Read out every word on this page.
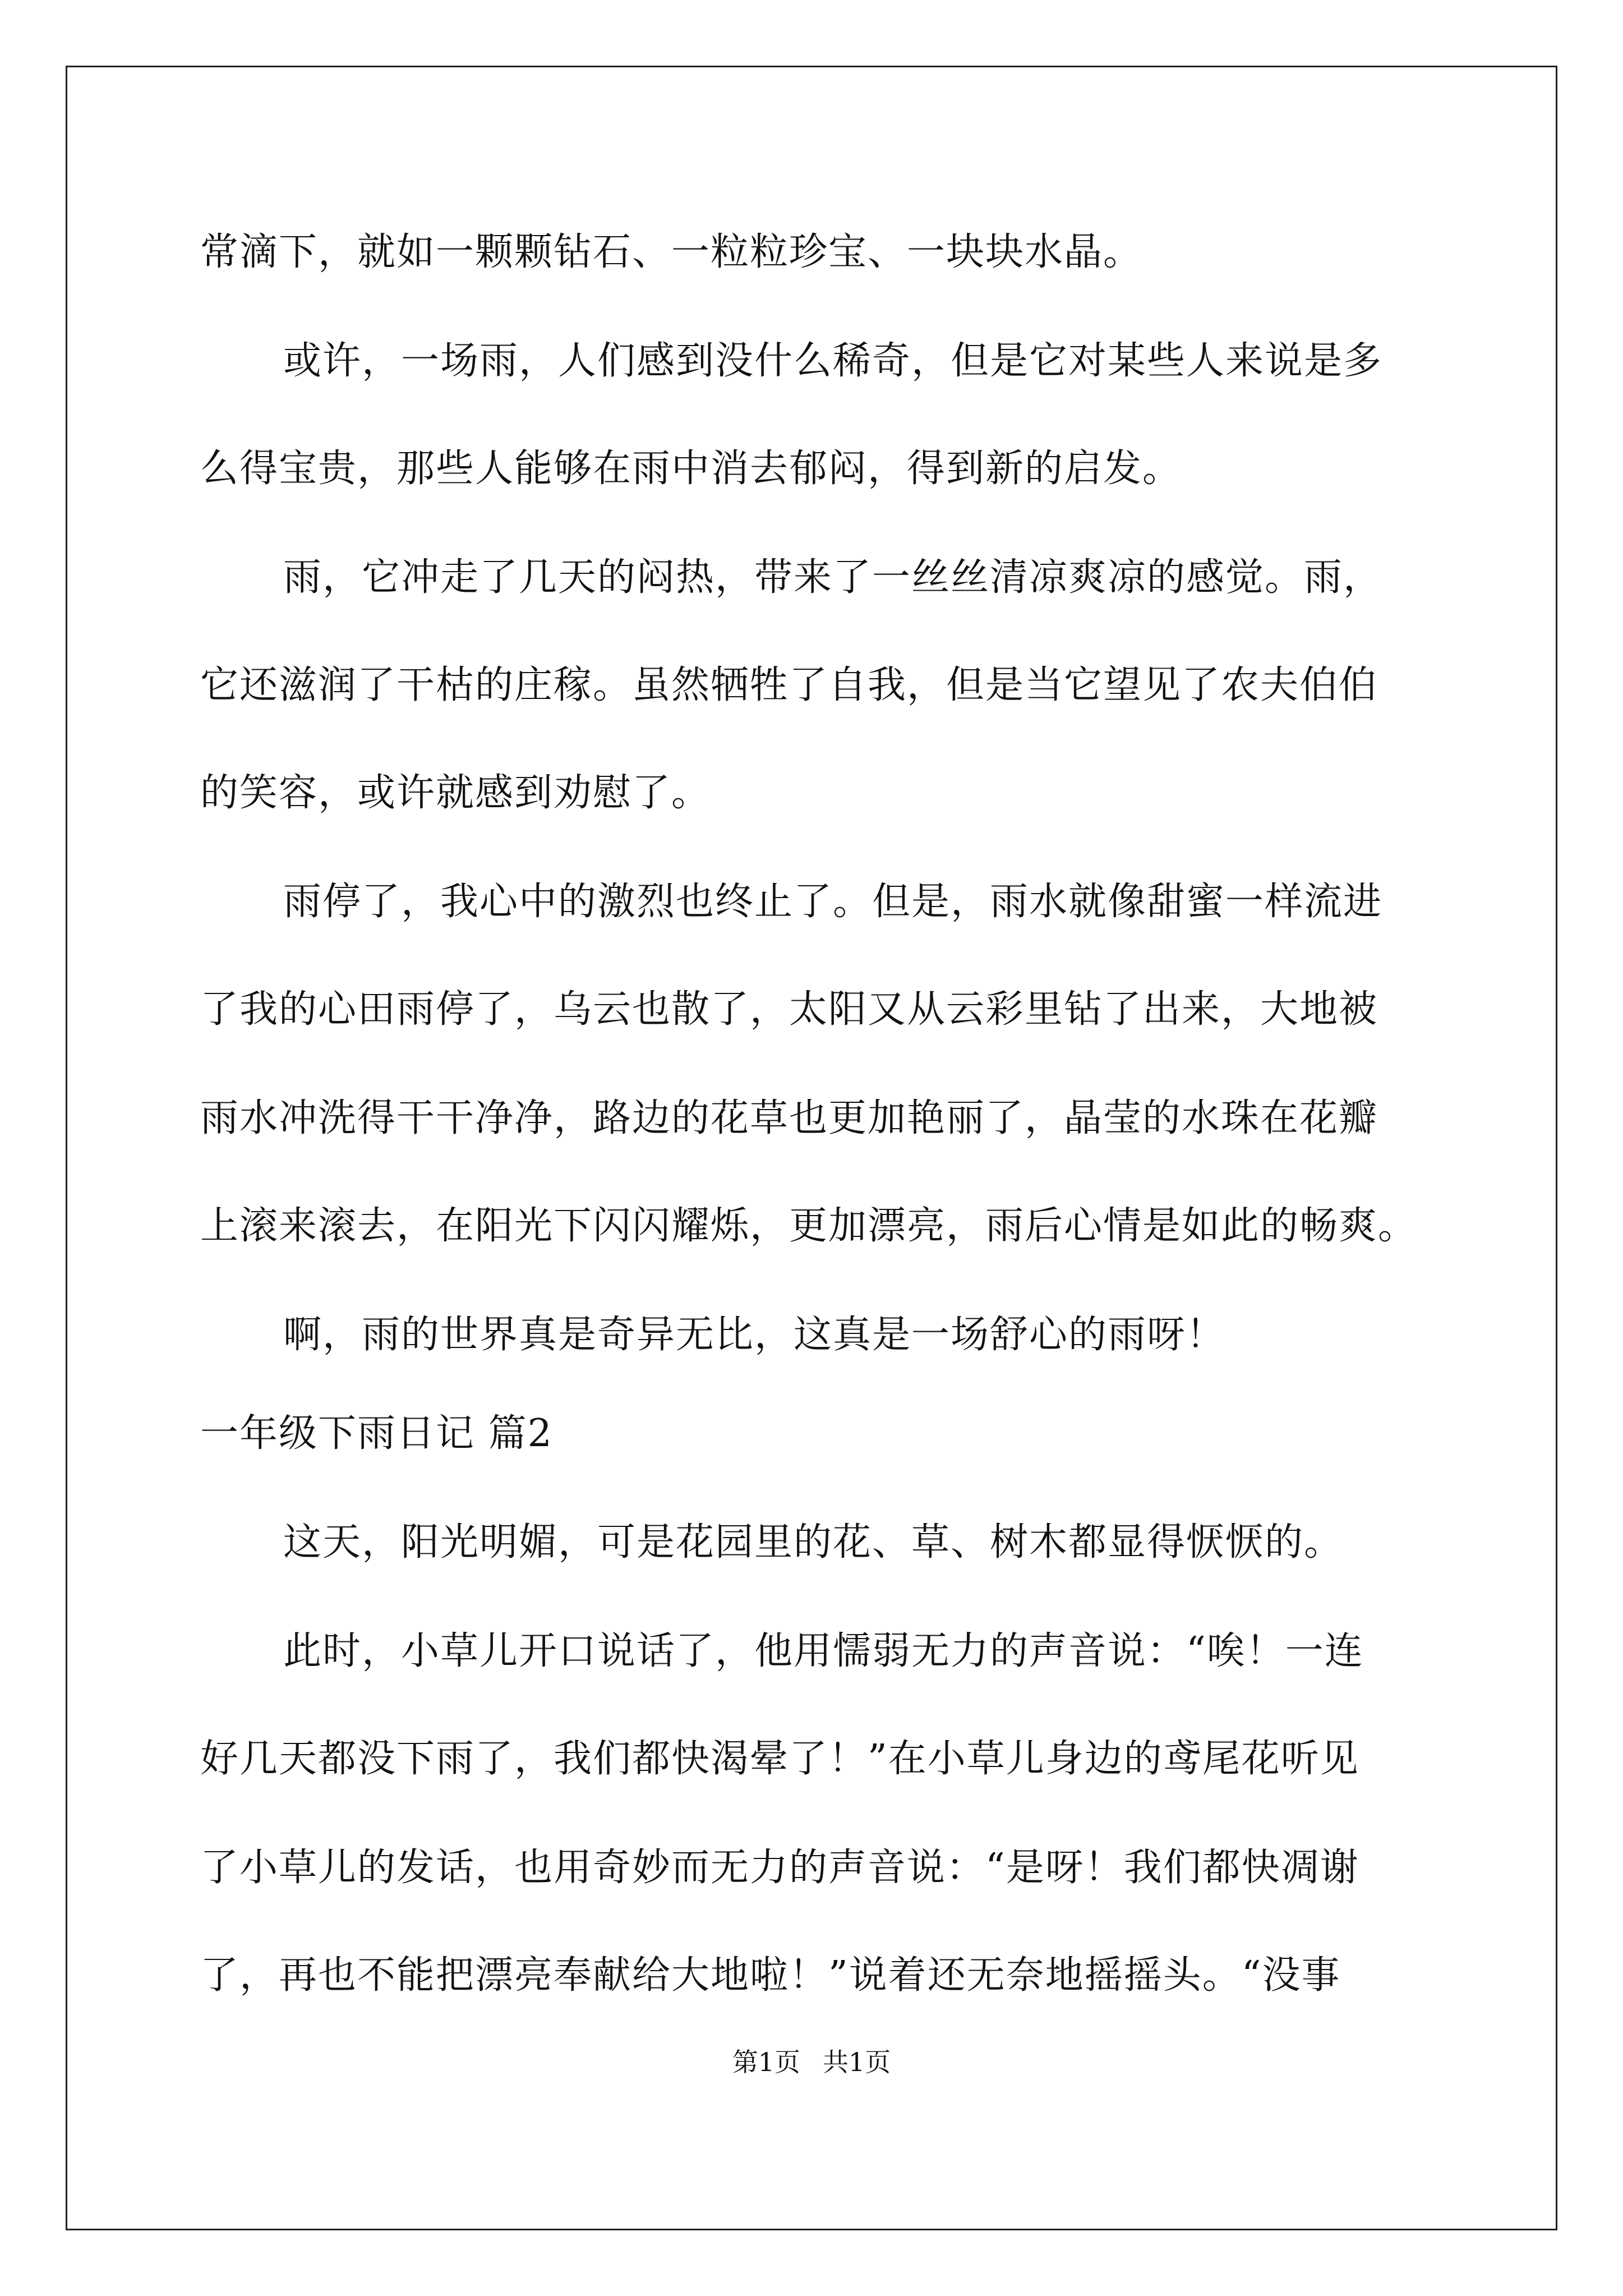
常滴下，就如一颗颗钻石、一粒粒珍宝、一块块水晶。
或许，一场雨，人们感到没什么稀奇，但是它对某些人来说是多
么得宝贵，那些人能够在雨中消去郁闷，得到新的启发。
雨，它冲走了几天的闷热，带来了一丝丝清凉爽凉的感觉。雨，
它还滋润了干枯的庄稼。虽然牺牲了自我，但是当它望见了农夫伯伯
的笑容，或许就感到劝慰了。
雨停了，我心中的激烈也终止了。但是，雨水就像甜蜜一样流进
了我的心田雨停了，乌云也散了，太阳又从云彩里钻了出来，大地被
雨水冲洗得干干净净，路边的花草也更加艳丽了，晶莹的水珠在花瓣
上滚来滚去，在阳光下闪闪耀烁，更加漂亮，雨后心情是如此的畅爽。
啊，雨的世界真是奇异无比，这真是一场舒心的雨呀！
一年级下雨日记 篇2
这天，阳光明媚，可是花园里的花、草、树木都显得恹恹的。
此时，小草儿开口说话了，他用懦弱无力的声音说：“唉！一连
好几天都没下雨了，我们都快渴晕了！”在小草儿身边的鸢尾花听见
了小草儿的发话，也用奇妙而无力的声音说：“是呀！我们都快凋谢
了，再也不能把漂亮奉献给大地啦！”说着还无奈地摇摇头。“没事
第1页 共1页
